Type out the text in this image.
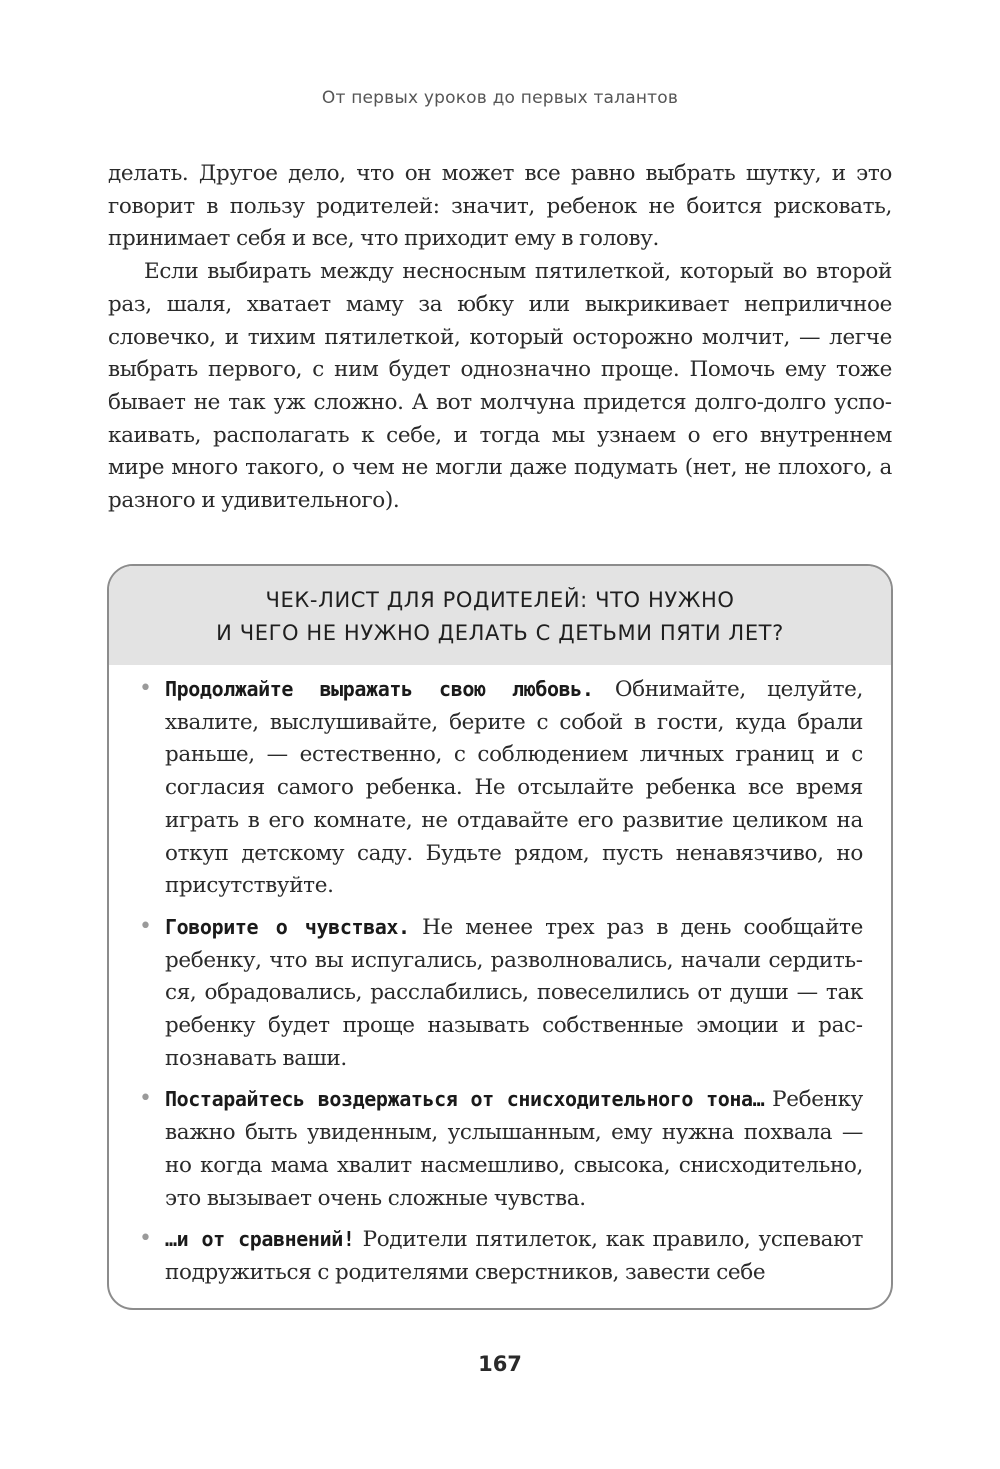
От первых уроков до первых талантов

делать. Другое дело, что он может все равно выбрать шутку, и это говорит в пользу родителей: значит, ребенок не боится рисковать, принимает себя и все, что приходит ему в голову.

Если выбирать между несносным пятилеткой, который во второй раз, шаля, хватает маму за юбку или выкрикивает неприличное словечко, и тихим пятилеткой, который осторожно молчит, — легче выбрать первого, с ним будет однозначно проще. Помочь ему тоже бывает не так уж сложно. А вот молчуна придется долго-долго успокаивать, располагать к себе, и тогда мы узнаем о его внутреннем мире много такого, о чем не могли даже подумать (нет, не плохого, а разного и удивительного).

ЧЕК-ЛИСТ ДЛЯ РОДИТЕЛЕЙ: ЧТО НУЖНО
И ЧЕГО НЕ НУЖНО ДЕЛАТЬ С ДЕТЬМИ ПЯТИ ЛЕТ?
• Продолжайте выражать свою любовь. Обнимайте, целуйте, хвалите, выслушивайте, берите с собой в гости, куда брали раньше, — естественно, с соблюдением личных границ и с согласия самого ребенка. Не отсылайте ребенка все время играть в его комнате, не отдавайте его развитие целиком на откуп детскому саду. Будьте рядом, пусть ненавязчиво, но присутствуйте.
• Говорите о чувствах. Не менее трех раз в день сообщайте ребенку, что вы испугались, разволновались, начали сердиться, обрадовались, расслабились, повеселились от души — так ребенку будет проще называть собственные эмоции и распознавать ваши.
• Постарайтесь воздержаться от снисходительного тона… Ребенку важно быть увиденным, услышанным, ему нужна похвала — но когда мама хвалит насмешливо, свысока, снисходительно, это вызывает очень сложные чувства.
• …и от сравнений! Родители пятилеток, как правило, успевают подружиться с родителями сверстников, завести себе
167
